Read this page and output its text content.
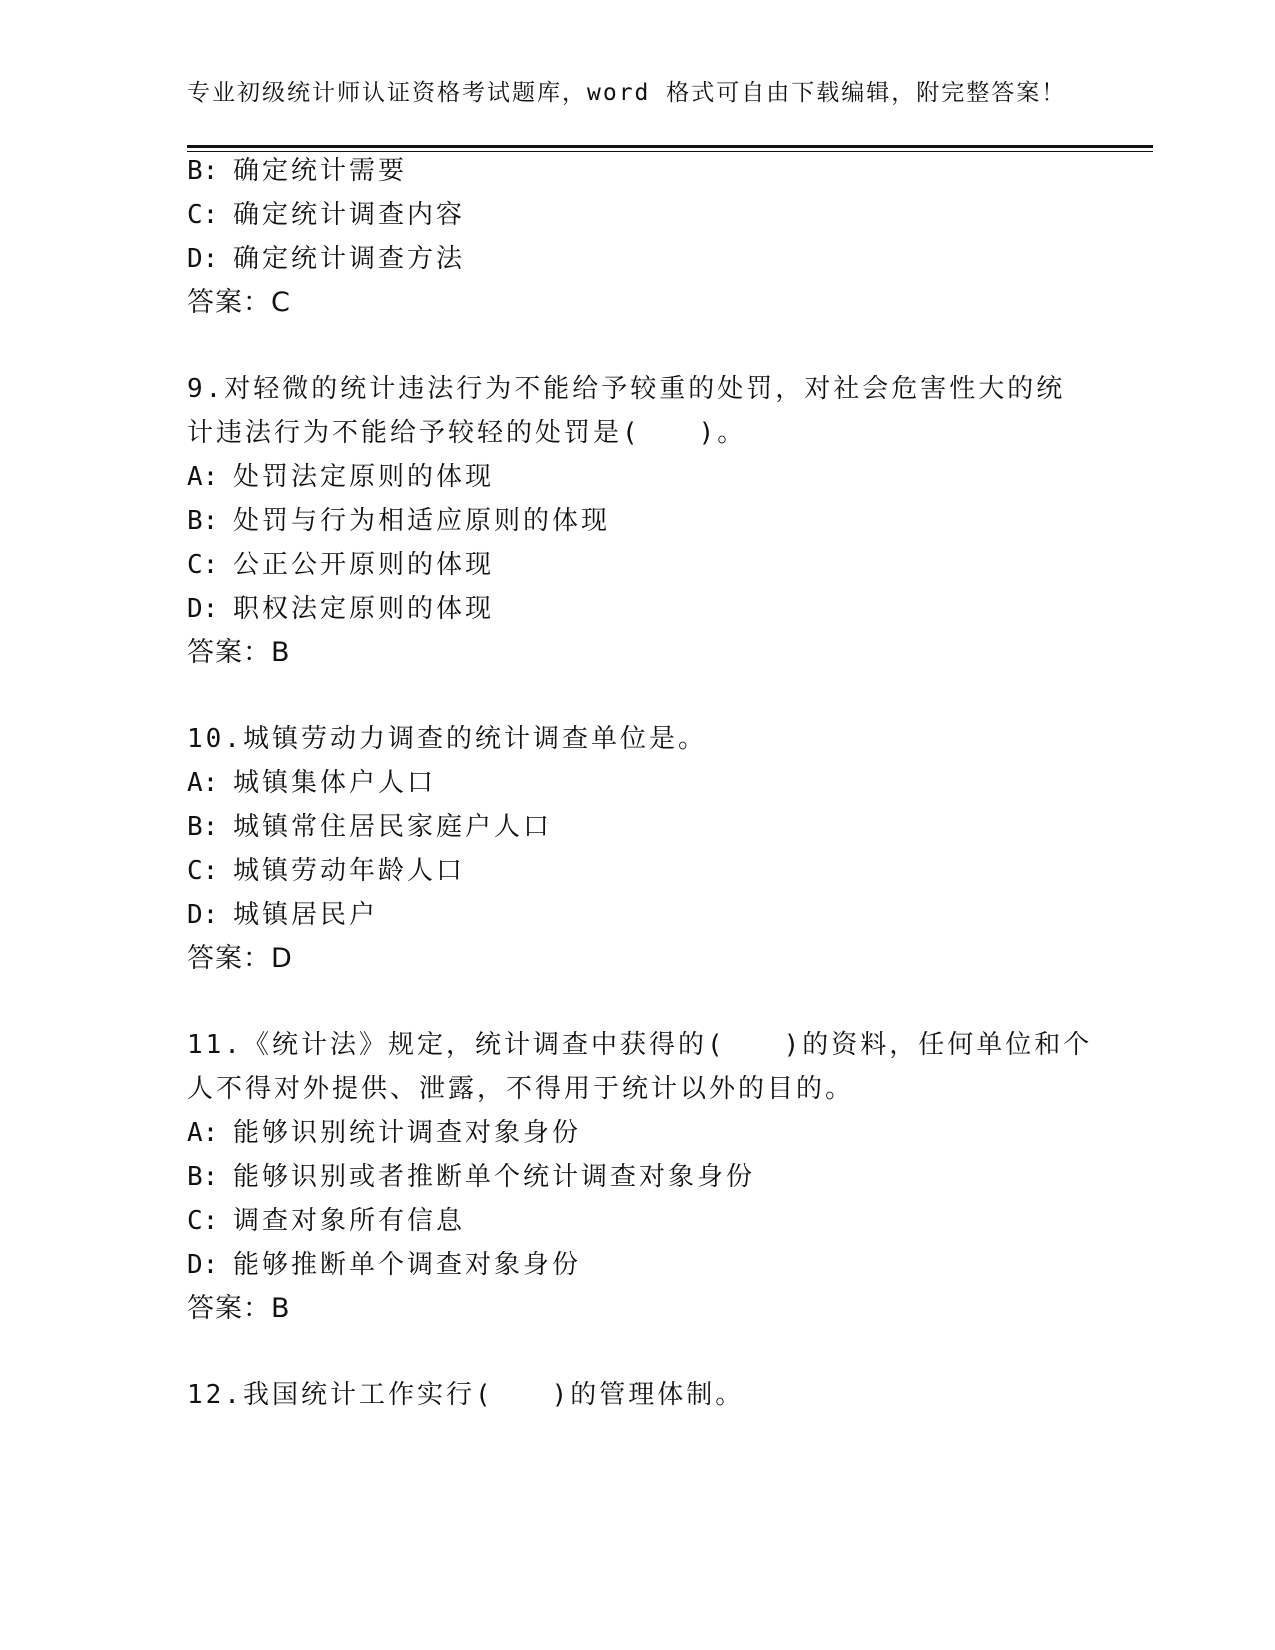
专业初级统计师认证资格考试题库，word 格式可自由下载编辑，附完整答案！
B: 确定统计需要
C: 确定统计调查内容
D: 确定统计调查方法
答案：C
9.对轻微的统计违法行为不能给予较重的处罚，对社会危害性大的统
计违法行为不能给予较轻的处罚是(　　)。
A: 处罚法定原则的体现
B: 处罚与行为相适应原则的体现
C: 公正公开原则的体现
D: 职权法定原则的体现
答案：B
10.城镇劳动力调查的统计调查单位是。
A: 城镇集体户人口
B: 城镇常住居民家庭户人口
C: 城镇劳动年龄人口
D: 城镇居民户
答案：D
11.《统计法》规定，统计调查中获得的(　　)的资料，任何单位和个
人不得对外提供、泄露，不得用于统计以外的目的。
A: 能够识别统计调查对象身份
B: 能够识别或者推断单个统计调查对象身份
C: 调查对象所有信息
D: 能够推断单个调查对象身份
答案：B
12.我国统计工作实行(　　)的管理体制。
